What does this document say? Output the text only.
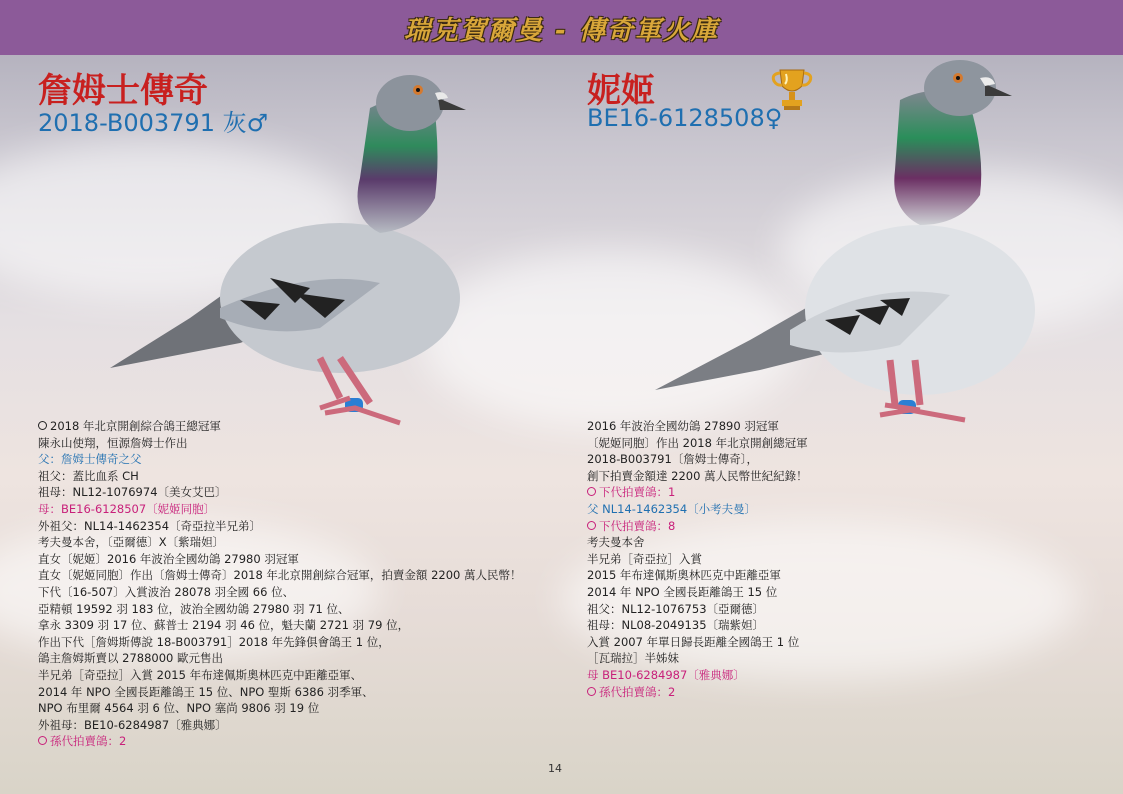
瑞克賀爾曼 - 傳奇軍火庫
詹姆士傳奇
2018-B003791 灰♂
妮姬
BE16-6128508♀
2018 年北京開創綜合鴿王總冠軍
陳永山使翔，恒源詹姆士作出
父：詹姆士傳奇之父
祖父：蓋比血系 CH
祖母：NL12-1076974〔美女艾巴〕
母：BE16-6128507〔妮姬同胞〕
外祖父：NL14-1462354〔奇亞拉半兄弟〕
考夫曼本舍，〔亞爾德〕X〔紫瑞妲〕
直女〔妮姬〕2016 年波治全國幼鴿 27980 羽冠軍
直女〔妮姬同胞〕作出〔詹姆士傳奇〕2018 年北京開創綜合冠軍，拍賣金額 2200 萬人民幣！
下代〔16-507〕入賞波治 28078 羽全國 66 位、
亞精頓 19592 羽 183 位，波治全國幼鴿 27980 羽 71 位、
拿永 3309 羽 17 位、蘇普士 2194 羽 46 位，魁夫蘭 2721 羽 79 位，
作出下代［詹姆斯傳說 18-B003791］2018 年先鋒俱會鴿王 1 位，
鴿主詹姆斯賣以 2788000 歐元售出
半兄弟［奇亞拉］入賞 2015 年布達佩斯奧林匹克中距離亞軍、
2014 年 NPO 全國長距離鴿王 15 位、NPO 聖斯 6386 羽季軍、
NPO 布里爾 4564 羽 6 位、NPO 塞尚 9806 羽 19 位
外祖母：BE10-6284987〔雅典娜〕
孫代拍賣鴿：2
2016 年波治全國幼鴿 27890 羽冠軍
〔妮姬同胞〕作出 2018 年北京開創總冠軍
2018-B003791〔詹姆士傳奇〕，
創下拍賣金額達 2200 萬人民幣世紀紀錄！
下代拍賣鴿：1
父 NL14-1462354〔小考夫曼〕
下代拍賣鴿：8
考夫曼本舍
半兄弟［奇亞拉］入賞
2015 年布達佩斯奧林匹克中距離亞軍
2014 年 NPO 全國長距離鴿王 15 位
祖父：NL12-1076753〔亞爾德〕
祖母：NL08-2049135〔瑞紫妲〕
入賞 2007 年單日歸長距離全國鴿王 1 位
［瓦瑞拉］半姊妹
母 BE10-6284987〔雅典娜〕
孫代拍賣鴿：2
14
